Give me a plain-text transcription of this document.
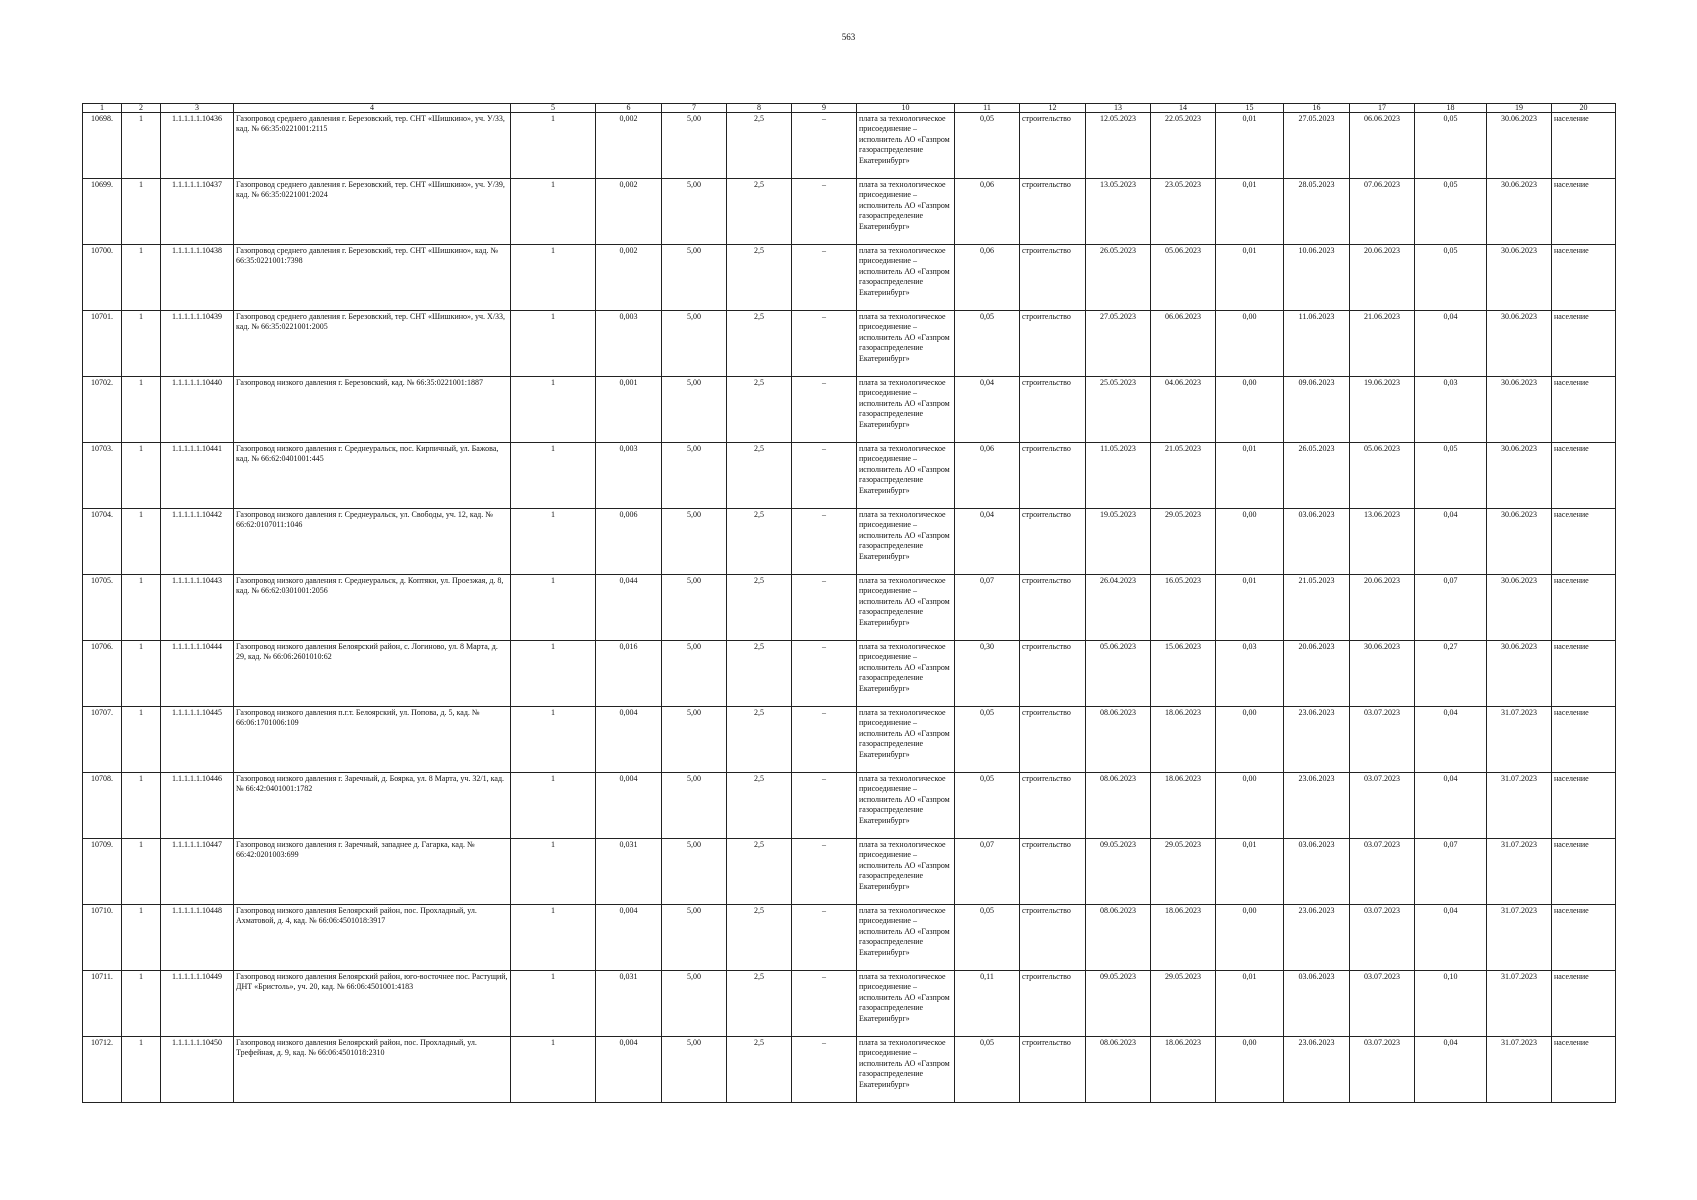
563
1	2	3	4	5	6	7	8	9	10	11	12	13	14	15	16	17	18	19	20
10698.	1	1.1.1.1.1.10436	Газопровод среднего давления г. Березовский, тер. СНТ «Шишкино», уч. У/33, кад. № 66:35:0221001:2115	1	0,002	5,00	2,5	–	плата за технологическое присоединение – исполнитель АО «Газпром газораспределение Екатеринбург»	0,05	строительство	12.05.2023	22.05.2023	0,01	27.05.2023	06.06.2023	0,05	30.06.2023	население
10699.	1	1.1.1.1.1.10437	Газопровод среднего давления г. Березовский, тер. СНТ «Шишкино», уч. У/39, кад. № 66:35:0221001:2024	1	0,002	5,00	2,5	–	плата за технологическое присоединение – исполнитель АО «Газпром газораспределение Екатеринбург»	0,06	строительство	13.05.2023	23.05.2023	0,01	28.05.2023	07.06.2023	0,05	30.06.2023	население
10700.	1	1.1.1.1.1.10438	Газопровод среднего давления г. Березовский, тер. СНТ «Шишкино», кад. № 66:35:0221001:7398	1	0,002	5,00	2,5	–	плата за технологическое присоединение – исполнитель АО «Газпром газораспределение Екатеринбург»	0,06	строительство	26.05.2023	05.06.2023	0,01	10.06.2023	20.06.2023	0,05	30.06.2023	население
10701.	1	1.1.1.1.1.10439	Газопровод среднего давления г. Березовский, тер. СНТ «Шишкино», уч. Х/33, кад. № 66:35:0221001:2005	1	0,003	5,00	2,5	–	плата за технологическое присоединение – исполнитель АО «Газпром газораспределение Екатеринбург»	0,05	строительство	27.05.2023	06.06.2023	0,00	11.06.2023	21.06.2023	0,04	30.06.2023	население
10702.	1	1.1.1.1.1.10440	Газопровод низкого давления г. Березовский, кад. № 66:35:0221001:1887	1	0,001	5,00	2,5	–	плата за технологическое присоединение – исполнитель АО «Газпром газораспределение Екатеринбург»	0,04	строительство	25.05.2023	04.06.2023	0,00	09.06.2023	19.06.2023	0,03	30.06.2023	население
10703.	1	1.1.1.1.1.10441	Газопровод низкого давления г. Среднеуральск, пос. Кирпичный, ул. Бажова, кад. № 66:62:0401001:445	1	0,003	5,00	2,5	–	плата за технологическое присоединение – исполнитель АО «Газпром газораспределение Екатеринбург»	0,06	строительство	11.05.2023	21.05.2023	0,01	26.05.2023	05.06.2023	0,05	30.06.2023	население
10704.	1	1.1.1.1.1.10442	Газопровод низкого давления г. Среднеуральск, ул. Свободы, уч. 12, кад. № 66:62:0107011:1046	1	0,006	5,00	2,5	–	плата за технологическое присоединение – исполнитель АО «Газпром газораспределение Екатеринбург»	0,04	строительство	19.05.2023	29.05.2023	0,00	03.06.2023	13.06.2023	0,04	30.06.2023	население
10705.	1	1.1.1.1.1.10443	Газопровод низкого давления г. Среднеуральск, д. Коптяки, ул. Проезжая, д. 8, кад. № 66:62:0301001:2056	1	0,044	5,00	2,5	–	плата за технологическое присоединение – исполнитель АО «Газпром газораспределение Екатеринбург»	0,07	строительство	26.04.2023	16.05.2023	0,01	21.05.2023	20.06.2023	0,07	30.06.2023	население
10706.	1	1.1.1.1.1.10444	Газопровод низкого давления Белоярский район, с. Логиново, ул. 8 Марта, д. 29, кад. № 66:06:2601010:62	1	0,016	5,00	2,5	–	плата за технологическое присоединение – исполнитель АО «Газпром газораспределение Екатеринбург»	0,30	строительство	05.06.2023	15.06.2023	0,03	20.06.2023	30.06.2023	0,27	30.06.2023	население
10707.	1	1.1.1.1.1.10445	Газопровод низкого давления п.г.т. Белоярский, ул. Попова, д. 5, кад. № 66:06:1701006:109	1	0,004	5,00	2,5	–	плата за технологическое присоединение – исполнитель АО «Газпром газораспределение Екатеринбург»	0,05	строительство	08.06.2023	18.06.2023	0,00	23.06.2023	03.07.2023	0,04	31.07.2023	население
10708.	1	1.1.1.1.1.10446	Газопровод низкого давления г. Заречный, д. Боярка, ул. 8 Марта, уч. 32/1, кад. № 66:42:0401001:1782	1	0,004	5,00	2,5	–	плата за технологическое присоединение – исполнитель АО «Газпром газораспределение Екатеринбург»	0,05	строительство	08.06.2023	18.06.2023	0,00	23.06.2023	03.07.2023	0,04	31.07.2023	население
10709.	1	1.1.1.1.1.10447	Газопровод низкого давления г. Заречный, западнее д. Гагарка, кад. № 66:42:0201003:699	1	0,031	5,00	2,5	–	плата за технологическое присоединение – исполнитель АО «Газпром газораспределение Екатеринбург»	0,07	строительство	09.05.2023	29.05.2023	0,01	03.06.2023	03.07.2023	0,07	31.07.2023	население
10710.	1	1.1.1.1.1.10448	Газопровод низкого давления Белоярский район, пос. Прохладный, ул. Ахматовой, д. 4, кад. № 66:06:4501018:3917	1	0,004	5,00	2,5	–	плата за технологическое присоединение – исполнитель АО «Газпром газораспределение Екатеринбург»	0,05	строительство	08.06.2023	18.06.2023	0,00	23.06.2023	03.07.2023	0,04	31.07.2023	население
10711.	1	1.1.1.1.1.10449	Газопровод низкого давления Белоярский район, юго-восточнее пос. Растущий, ДНТ «Бристоль», уч. 20, кад. № 66:06:4501001:4183	1	0,031	5,00	2,5	–	плата за технологическое присоединение – исполнитель АО «Газпром газораспределение Екатеринбург»	0,11	строительство	09.05.2023	29.05.2023	0,01	03.06.2023	03.07.2023	0,10	31.07.2023	население
10712.	1	1.1.1.1.1.10450	Газопровод низкого давления Белоярский район, пос. Прохладный, ул. Трефейная, д. 9, кад. № 66:06:4501018:2310	1	0,004	5,00	2,5	–	плата за технологическое присоединение – исполнитель АО «Газпром газораспределение Екатеринбург»	0,05	строительство	08.06.2023	18.06.2023	0,00	23.06.2023	03.07.2023	0,04	31.07.2023	население
